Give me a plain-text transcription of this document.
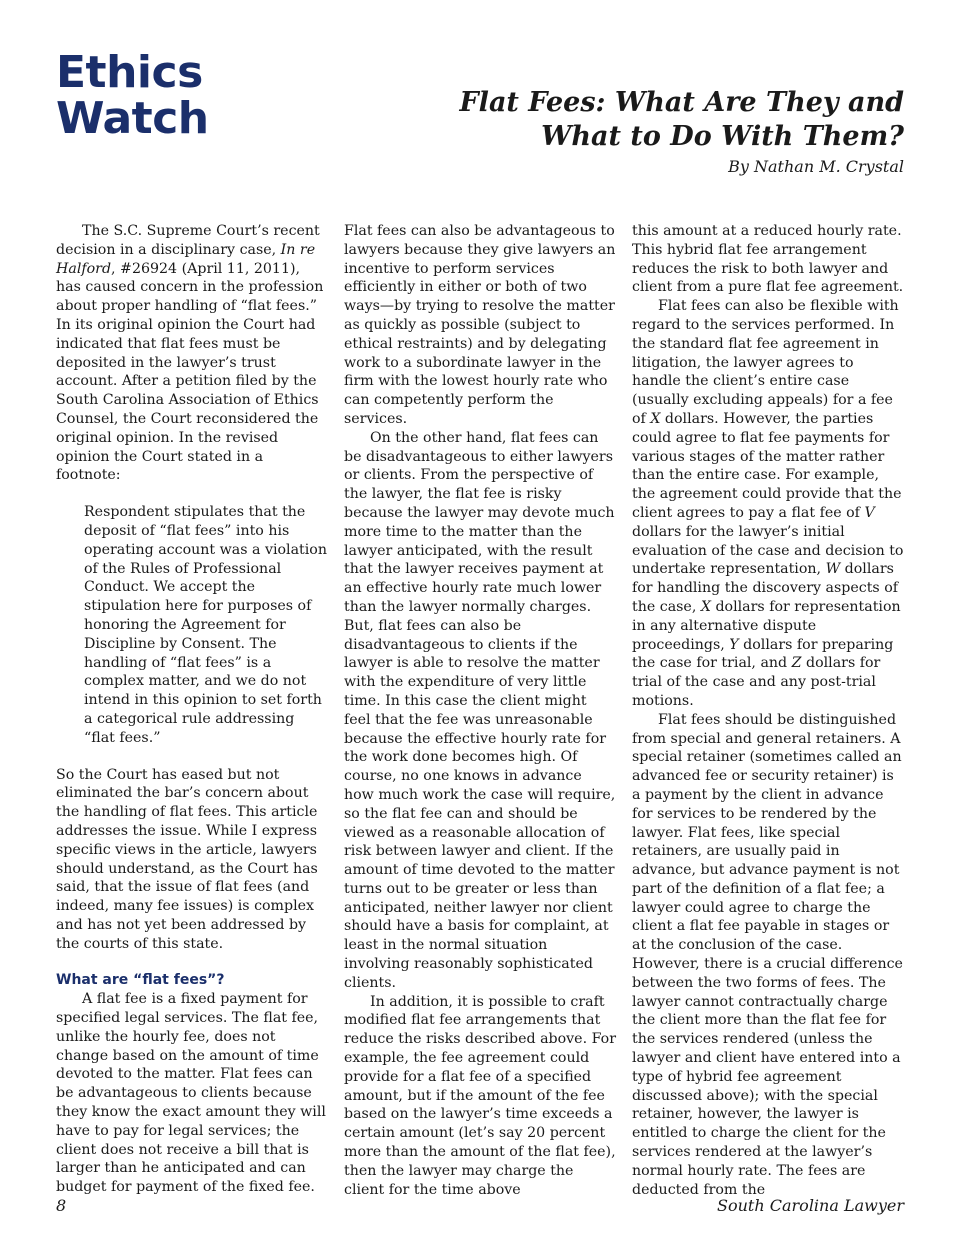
Ethics
Watch	Flat Fees: What Are They and
What to Do With Them?

By Nathan M. Crystal

The S.C. Supreme Court’s recent decision in a disciplinary case, In re Halford, #26924 (April 11, 2011), has caused concern in the profession about proper handling of “flat fees.” In its original opinion the Court had indicated that flat fees must be deposited in the lawyer’s trust account. After a petition filed by the South Carolina Association of Ethics Counsel, the Court reconsidered the original opinion. In the revised opinion the Court stated in a footnote:

Respondent stipulates that the deposit of “flat fees” into his operating account was a violation of the Rules of Professional Conduct. We accept the stipulation here for purposes of honoring the Agreement for Discipline by Consent. The handling of “flat fees” is a complex matter, and we do not intend in this opinion to set forth a categorical rule addressing “flat fees.”

So the Court has eased but not eliminated the bar’s concern about the handling of flat fees. This article addresses the issue. While I express specific views in the article, lawyers should understand, as the Court has said, that the issue of flat fees (and indeed, many fee issues) is complex and has not yet been addressed by the courts of this state.

What are “flat fees”?

A flat fee is a fixed payment for specified legal services. The flat fee, unlike the hourly fee, does not change based on the amount of time devoted to the matter. Flat fees can be advantageous to clients because they know the exact amount they will have to pay for legal services; the client does not receive a bill that is larger than he anticipated and can budget for payment of the fixed fee.

Flat fees can also be advantageous to lawyers because they give lawyers an incentive to perform services efficiently in either or both of two ways—by trying to resolve the matter as quickly as possible (subject to ethical restraints) and by delegating work to a subordinate lawyer in the firm with the lowest hourly rate who can competently perform the services.

On the other hand, flat fees can be disadvantageous to either lawyers or clients. From the perspective of the lawyer, the flat fee is risky because the lawyer may devote much more time to the matter than the lawyer anticipated, with the result that the lawyer receives payment at an effective hourly rate much lower than the lawyer normally charges. But, flat fees can also be disadvantageous to clients if the lawyer is able to resolve the matter with the expenditure of very little time. In this case the client might feel that the fee was unreasonable because the effective hourly rate for the work done becomes high. Of course, no one knows in advance how much work the case will require, so the flat fee can and should be viewed as a reasonable allocation of risk between lawyer and client. If the amount of time devoted to the matter turns out to be greater or less than anticipated, neither lawyer nor client should have a basis for complaint, at least in the normal situation involving reasonably sophisticated clients.

In addition, it is possible to craft modified flat fee arrangements that reduce the risks described above. For example, the fee agreement could provide for a flat fee of a specified amount, but if the amount of the fee based on the lawyer’s time exceeds a certain amount (let’s say 20 percent more than the amount of the flat fee), then the lawyer may charge the client for the time above

this amount at a reduced hourly rate. This hybrid flat fee arrangement reduces the risk to both lawyer and client from a pure flat fee agreement.

Flat fees can also be flexible with regard to the services performed. In the standard flat fee agreement in litigation, the lawyer agrees to handle the client’s entire case (usually excluding appeals) for a fee of X dollars. However, the parties could agree to flat fee payments for various stages of the matter rather than the entire case. For example, the agreement could provide that the client agrees to pay a flat fee of V dollars for the lawyer’s initial evaluation of the case and decision to undertake representation, W dollars for handling the discovery aspects of the case, X dollars for representation in any alternative dispute proceedings, Y dollars for preparing the case for trial, and Z dollars for trial of the case and any post-trial motions.

Flat fees should be distinguished from special and general retainers. A special retainer (sometimes called an advanced fee or security retainer) is a payment by the client in advance for services to be rendered by the lawyer. Flat fees, like special retainers, are usually paid in advance, but advance payment is not part of the definition of a flat fee; a lawyer could agree to charge the client a flat fee payable in stages or at the conclusion of the case. However, there is a crucial difference between the two forms of fees. The lawyer cannot contractually charge the client more than the flat fee for the services rendered (unless the lawyer and client have entered into a type of hybrid fee agreement discussed above); with the special retainer, however, the lawyer is entitled to charge the client for the services rendered at the lawyer’s normal hourly rate. The fees are deducted from the

8	South Carolina Lawyer
